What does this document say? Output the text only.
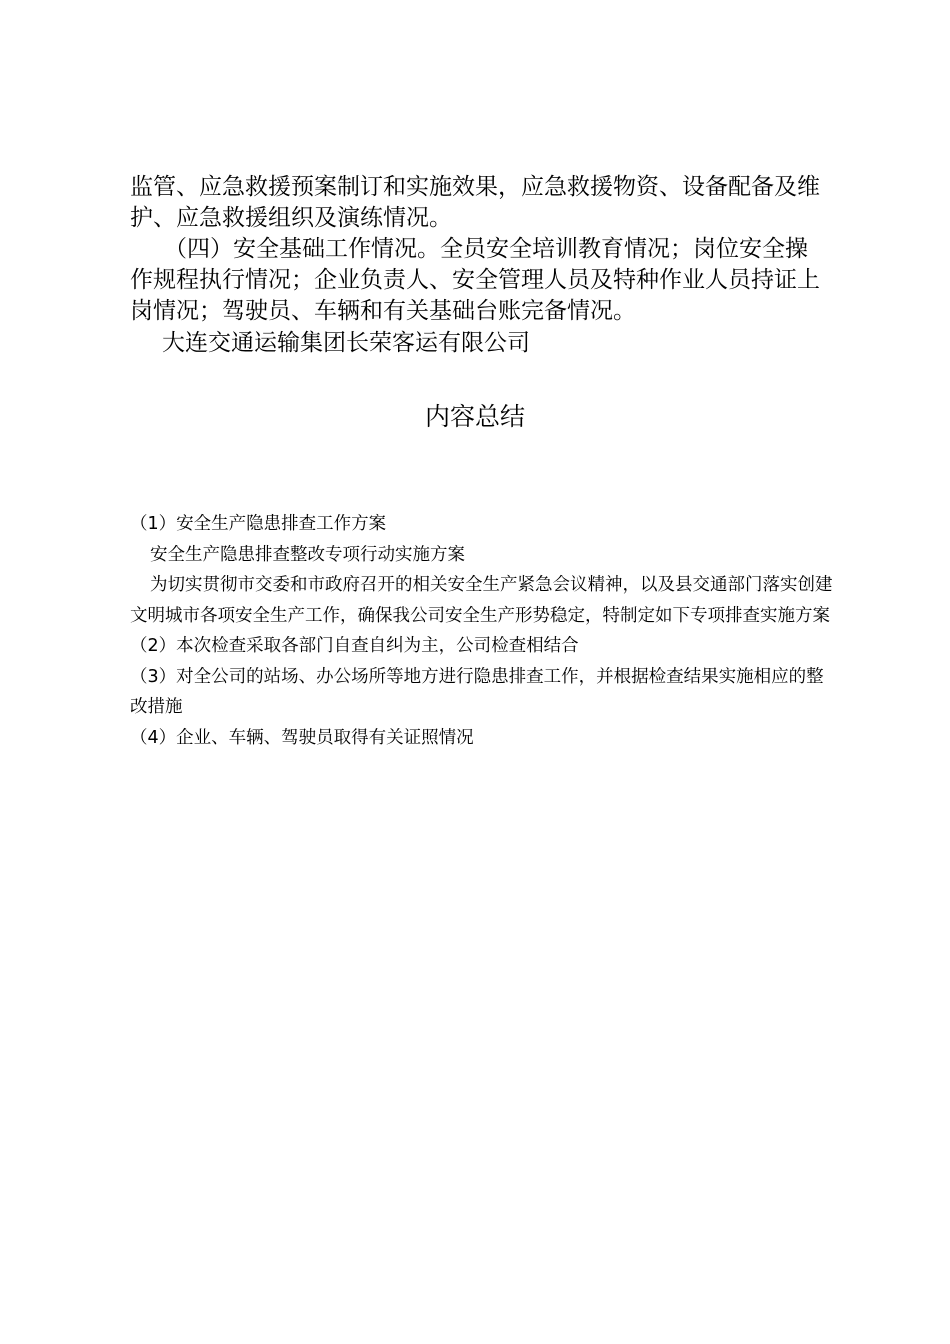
监管、应急救援预案制订和实施效果，应急救援物资、设备配备及维护、应急救援组织及演练情况。

（四）安全基础工作情况。全员安全培训教育情况；岗位安全操作规程执行情况；企业负责人、安全管理人员及特种作业人员持证上岗情况；驾驶员、车辆和有关基础台账完备情况。

大连交通运输集团长荣客运有限公司
内容总结

（1）安全生产隐患排查工作方案

安全生产隐患排查整改专项行动实施方案

为切实贯彻市交委和市政府召开的相关安全生产紧急会议精神，以及县交通部门落实创建文明城市各项安全生产工作，确保我公司安全生产形势稳定，特制定如下专项排查实施方案

（2）本次检查采取各部门自查自纠为主，公司检查相结合

（3）对全公司的站场、办公场所等地方进行隐患排查工作，并根据检查结果实施相应的整改措施

（4）企业、车辆、驾驶员取得有关证照情况
